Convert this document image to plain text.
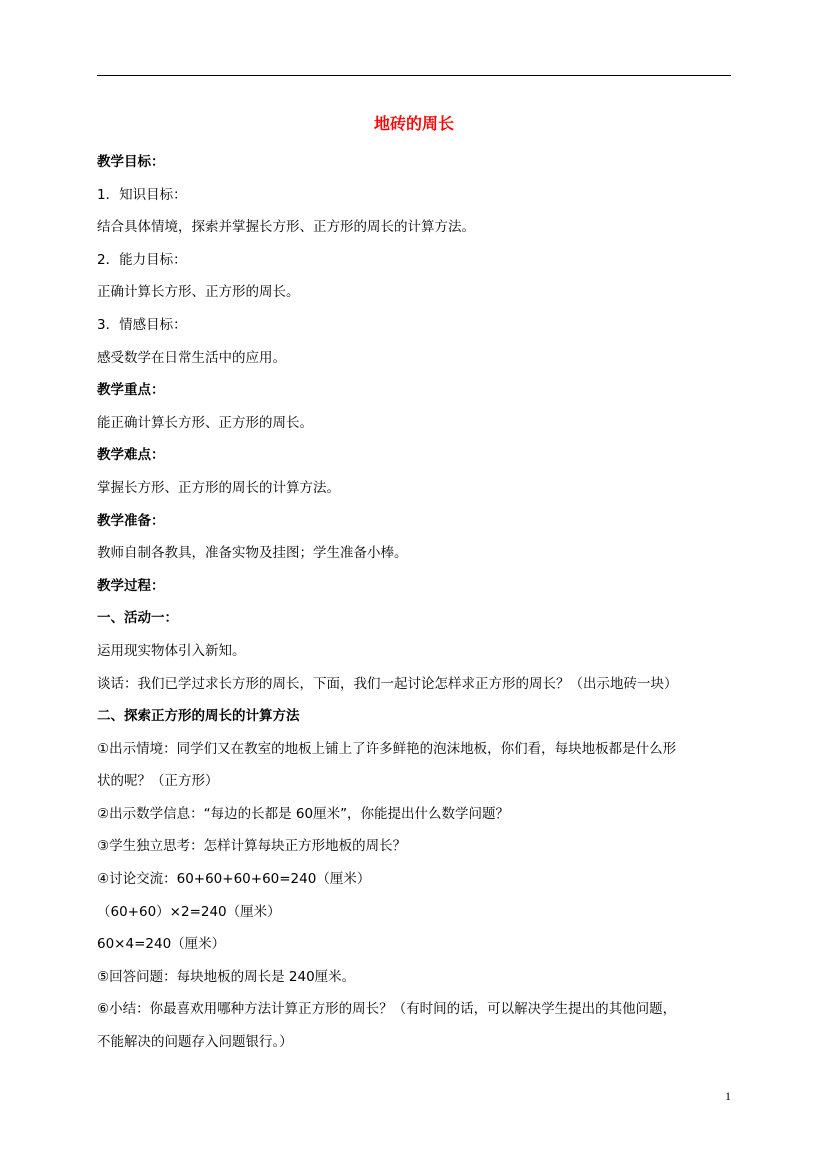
地砖的周长
教学目标：
1．知识目标：
结合具体情境，探索并掌握长方形、正方形的周长的计算方法。
2．能力目标：
正确计算长方形、正方形的周长。
3．情感目标：
感受数学在日常生活中的应用。
教学重点：
能正确计算长方形、正方形的周长。
教学难点：
掌握长方形、正方形的周长的计算方法。
教学准备：
教师自制各教具，准备实物及挂图；学生准备小棒。
教学过程：
一、活动一：
运用现实物体引入新知。
谈话：我们已学过求长方形的周长，下面，我们一起讨论怎样求正方形的周长？（出示地砖一块）
二、探索正方形的周长的计算方法
①出示情境：同学们又在教室的地板上铺上了许多鲜艳的泡沫地板，你们看，每块地板都是什么形
状的呢？（正方形）
②出示数学信息：“每边的长都是 60厘米”，你能提出什么数学问题？
③学生独立思考：怎样计算每块正方形地板的周长？
④讨论交流：60+60+60+60=240（厘米）
（60+60）×2=240（厘米）
60×4=240（厘米）
⑤回答问题：每块地板的周长是 240厘米。
⑥小结：你最喜欢用哪种方法计算正方形的周长？（有时间的话，可以解决学生提出的其他问题，
不能解决的问题存入问题银行。）
1
